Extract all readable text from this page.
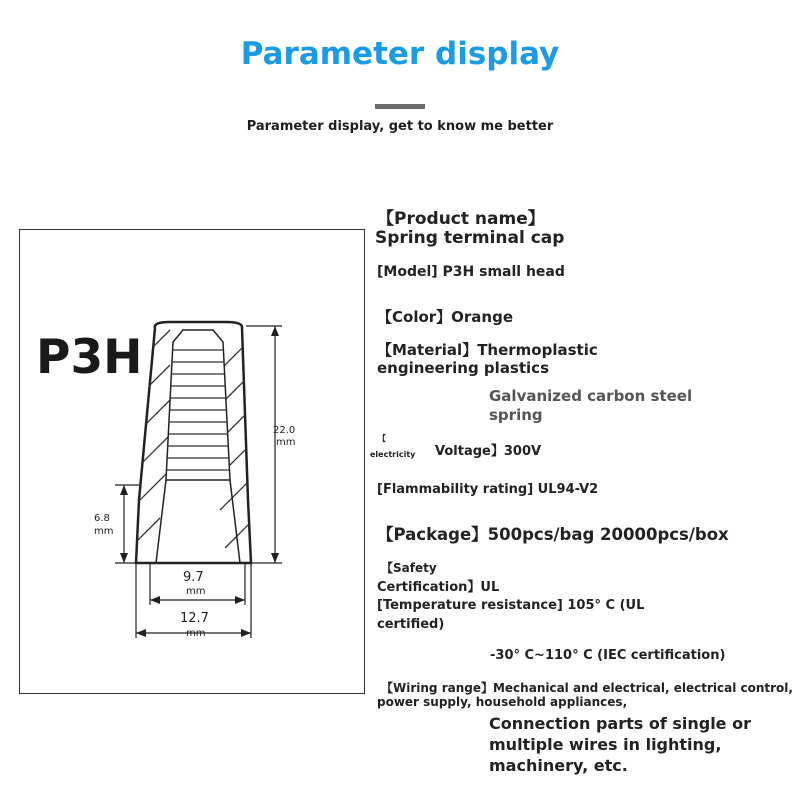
Parameter display
Parameter display, get to know me better
P3H
22.0
mm
6.8
mm
9.7
mm
12.7
mm
【Product name】
Spring terminal cap
[Model] P3H small head
【Color】Orange
【Material】Thermoplastic
engineering plastics
Galvanized carbon steel
spring
【
electricity Voltage】300V
[Flammability rating] UL94-V2
【Package】500pcs/bag 20000pcs/box
【Safety
Certification】UL
[Temperature resistance] 105° C (UL
certified)
-30° C~110° C (IEC certification)
【Wiring range】Mechanical and electrical, electrical control,
power supply, household appliances,
Connection parts of single or
multiple wires in lighting,
machinery, etc.
